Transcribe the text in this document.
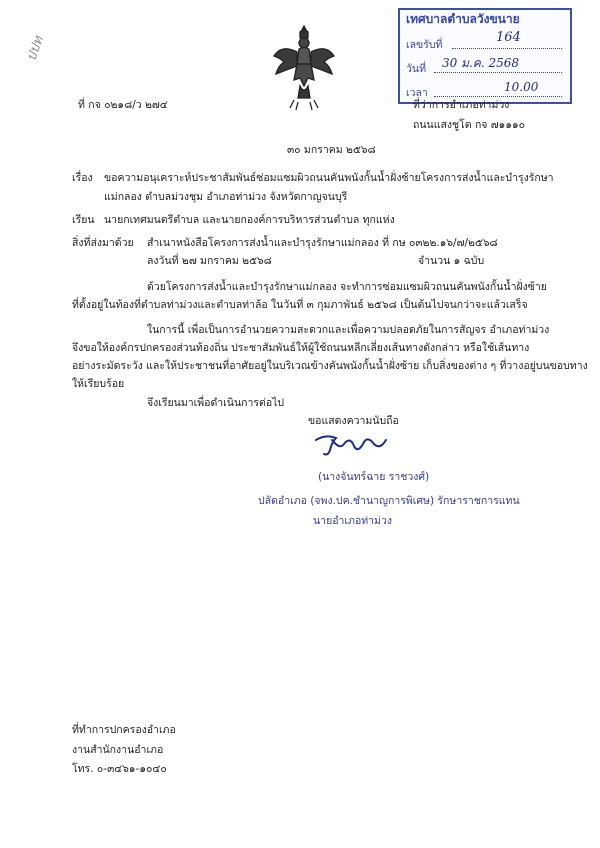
ปปท
เทศบาลตำบลวังขนาย
เลขรับที่	164
วันที่ 30 ม.ค. 2568
เวลา	10.00
ที่ กจ ๐๒๑๘/ว ๒๗๔	ที่ว่าการอำเภอท่าม่วง
ถนนแสงชูโต กจ ๗๑๑๑๐
๓๐ มกราคม ๒๕๖๘
เรื่อง ขอความอนุเคราะห์ประชาสัมพันธ์ซ่อมแซมผิวถนนคันพนังกั้นน้ำฝั่งซ้ายโครงการส่งน้ำและบำรุงรักษา
แม่กลอง ตำบลม่วงชุม อำเภอท่าม่วง จังหวัดกาญจนบุรี
เรียน นายกเทศมนตรีตำบล และนายกองค์การบริหารส่วนตำบล ทุกแห่ง
สิ่งที่ส่งมาด้วย สำเนาหนังสือโครงการส่งน้ำและบำรุงรักษาแม่กลอง ที่ กษ ๐๓๒๒.๑๖/๗/๒๕๖๘
ลงวันที่ ๒๗ มกราคม ๒๕๖๘	จำนวน ๑ ฉบับ
ด้วยโครงการส่งน้ำและบำรุงรักษาแม่กลอง จะทำการซ่อมแซมผิวถนนคันพนังกั้นน้ำฝั่งซ้าย
ที่ตั้งอยู่ในท้องที่ตำบลท่าม่วงและตำบลท่าล้อ ในวันที่ ๓ กุมภาพันธ์ ๒๕๖๘ เป็นต้นไปจนกว่าจะแล้วเสร็จ
ในการนี้ เพื่อเป็นการอำนวยความสะดวกและเพื่อความปลอดภัยในการสัญจร อำเภอท่าม่วง
จึงขอให้องค์กรปกครองส่วนท้องถิ่น ประชาสัมพันธ์ให้ผู้ใช้ถนนหลีกเลี่ยงเส้นทางดังกล่าว หรือใช้เส้นทาง
อย่างระมัดระวัง และให้ประชาชนที่อาศัยอยู่ในบริเวณข้างคันพนังกั้นน้ำฝั่งซ้าย เก็บสิ่งของต่าง ๆ ที่วางอยู่บนขอบทาง
ให้เรียบร้อย
จึงเรียนมาเพื่อดำเนินการต่อไป
ขอแสดงความนับถือ
(นางจันทร์ฉาย ราชวงศ์)
ปลัดอำเภอ (จพง.ปค.ชำนาญการพิเศษ) รักษาราชการแทน
นายอำเภอท่าม่วง
ที่ทำการปกครองอำเภอ
งานสำนักงานอำเภอ
โทร. ๐-๓๔๖๑-๑๐๔๐
